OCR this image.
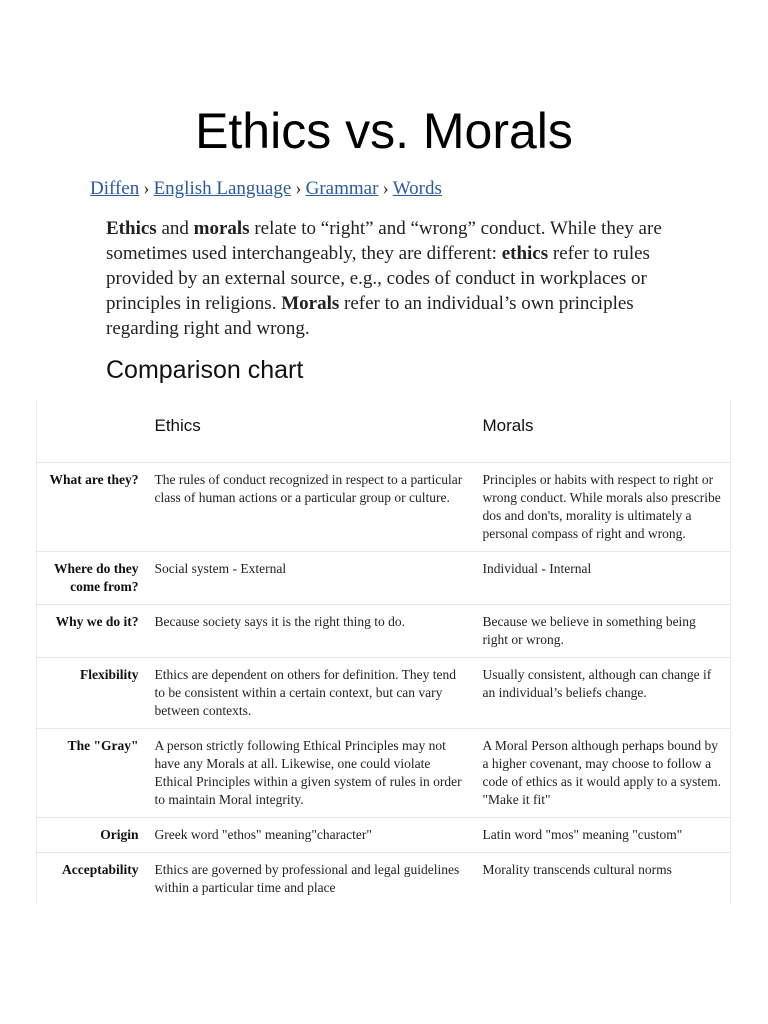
Ethics vs. Morals
Diffen › English Language › Grammar › Words

Ethics and morals relate to “right” and “wrong” conduct. While they are sometimes used interchangeably, they are different: ethics refer to rules provided by an external source, e.g., codes of conduct in workplaces or principles in religions. Morals refer to an individual’s own principles regarding right and wrong.

Comparison chart
	Ethics	Morals
What are they?	The rules of conduct recognized in respect to a particular class of human actions or a particular group or culture.	Principles or habits with respect to right or wrong conduct. While morals also prescribe dos and don'ts, morality is ultimately a personal compass of right and wrong.
Where do they come from?	Social system - External	Individual - Internal
Why we do it?	Because society says it is the right thing to do.	Because we believe in something being right or wrong.
Flexibility	Ethics are dependent on others for definition. They tend to be consistent within a certain context, but can vary between contexts.	Usually consistent, although can change if an individual’s beliefs change.
The "Gray"	A person strictly following Ethical Principles may not have any Morals at all. Likewise, one could violate Ethical Principles within a given system of rules in order to maintain Moral integrity.	A Moral Person although perhaps bound by a higher covenant, may choose to follow a code of ethics as it would apply to a system. "Make it fit"
Origin	Greek word "ethos" meaning"character"	Latin word "mos" meaning "custom"
Acceptability	Ethics are governed by professional and legal guidelines within a particular time and place	Morality transcends cultural norms
